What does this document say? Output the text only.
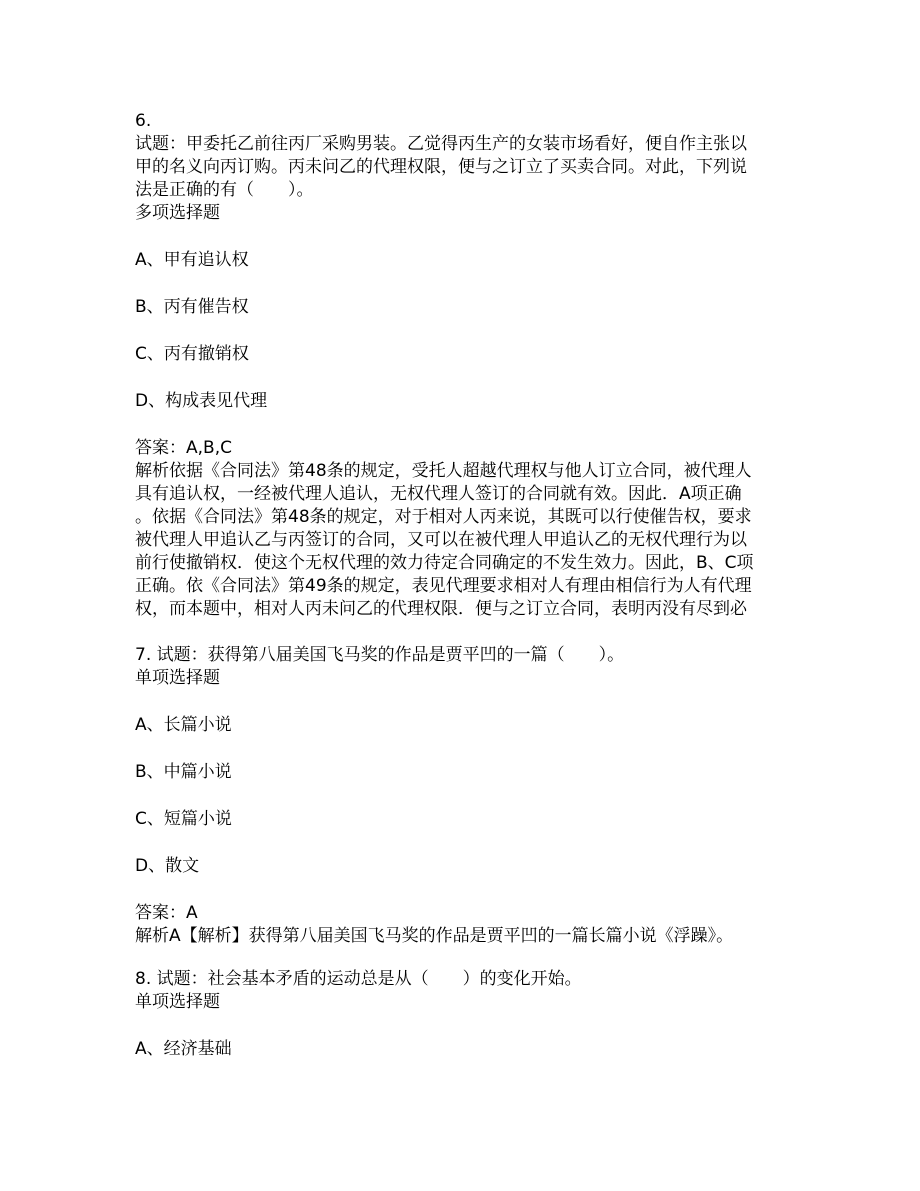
6.
试题：甲委托乙前往丙厂采购男装。乙觉得丙生产的女装市场看好，便自作主张以
甲的名义向丙订购。丙未问乙的代理权限，便与之订立了买卖合同。对此，下列说
法是正确的有（　　）。
多项选择题
A、甲有追认权
B、丙有催告权
C、丙有撤销权
D、构成表见代理
答案：A,B,C
解析依据《合同法》第48条的规定，受托人超越代理权与他人订立合同，被代理人
具有追认权，一经被代理人追认，无权代理人签订的合同就有效。因此．A项正确
。依据《合同法》第48条的规定，对于相对人丙来说，其既可以行使催告权，要求
被代理人甲追认乙与丙签订的合同，又可以在被代理人甲追认乙的无权代理行为以
前行使撤销权．使这个无权代理的效力待定合同确定的不发生效力。因此，B、C项
正确。依《合同法》第49条的规定，表见代理要求相对人有理由相信行为人有代理
权，而本题中，相对人丙未问乙的代理权限．便与之订立合同，表明丙没有尽到必
7. 试题：获得第八届美国飞马奖的作品是贾平凹的一篇（　　）。
单项选择题
A、长篇小说
B、中篇小说
C、短篇小说
D、散文
答案：A
解析A【解析】获得第八届美国飞马奖的作品是贾平凹的一篇长篇小说《浮躁》。
8. 试题：社会基本矛盾的运动总是从（　　）的变化开始。
单项选择题
A、经济基础
